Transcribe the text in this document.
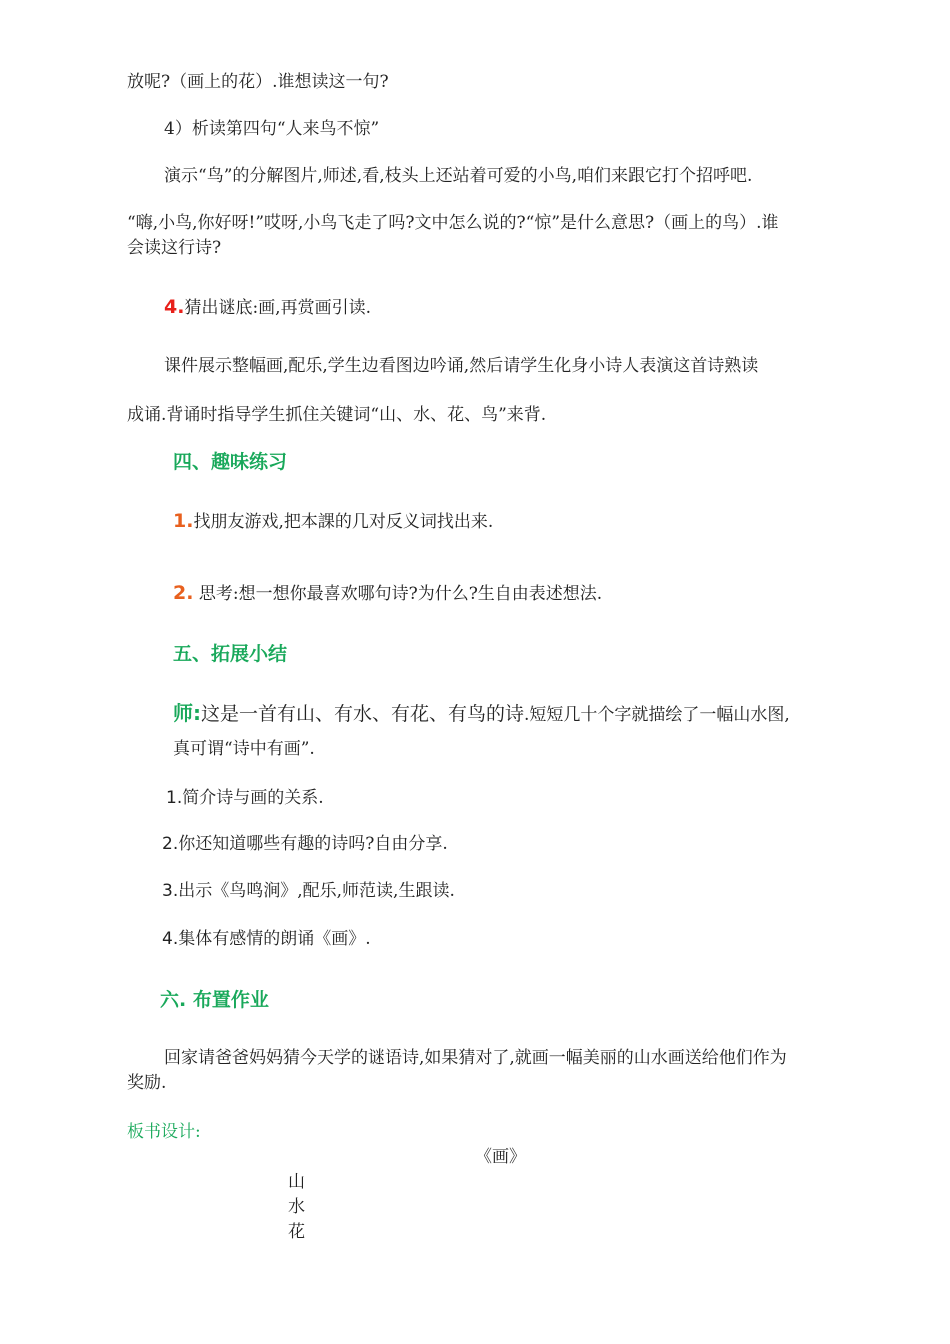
放呢?（画上的花）.谁想读这一句?
4）析读第四句“人来鸟不惊”
演示“鸟”的分解图片,师述,看,枝头上还站着可爱的小鸟,咱们来跟它打个招呼吧.
“嗨,小鸟,你好呀!”哎呀,小鸟飞走了吗?文中怎么说的?“惊”是什么意思?（画上的鸟）.谁
会读这行诗?
4.猜出谜底:画,再赏画引读.
课件展示整幅画,配乐,学生边看图边吟诵,然后请学生化身小诗人表演这首诗熟读
成诵.背诵时指导学生抓住关键词“山、水、花、鸟”来背.
四、趣味练习
1.找朋友游戏,把本課的几对反义词找出来.
2. 思考:想一想你最喜欢哪句诗?为什么?生自由表述想法.
五、拓展小结
师:这是一首有山、有水、有花、有鸟的诗.短短几十个字就描绘了一幅山水图,
真可谓“诗中有画”.
1.简介诗与画的关系.
2.你还知道哪些有趣的诗吗?自由分享.
3.出示《鸟鸣涧》,配乐,师范读,生跟读.
4.集体有感情的朗诵《画》.
六. 布置作业
回家请爸爸妈妈猜今天学的谜语诗,如果猜对了,就画一幅美丽的山水画送给他们作为
奖励.
板书设计:
《画》
山
水
花
